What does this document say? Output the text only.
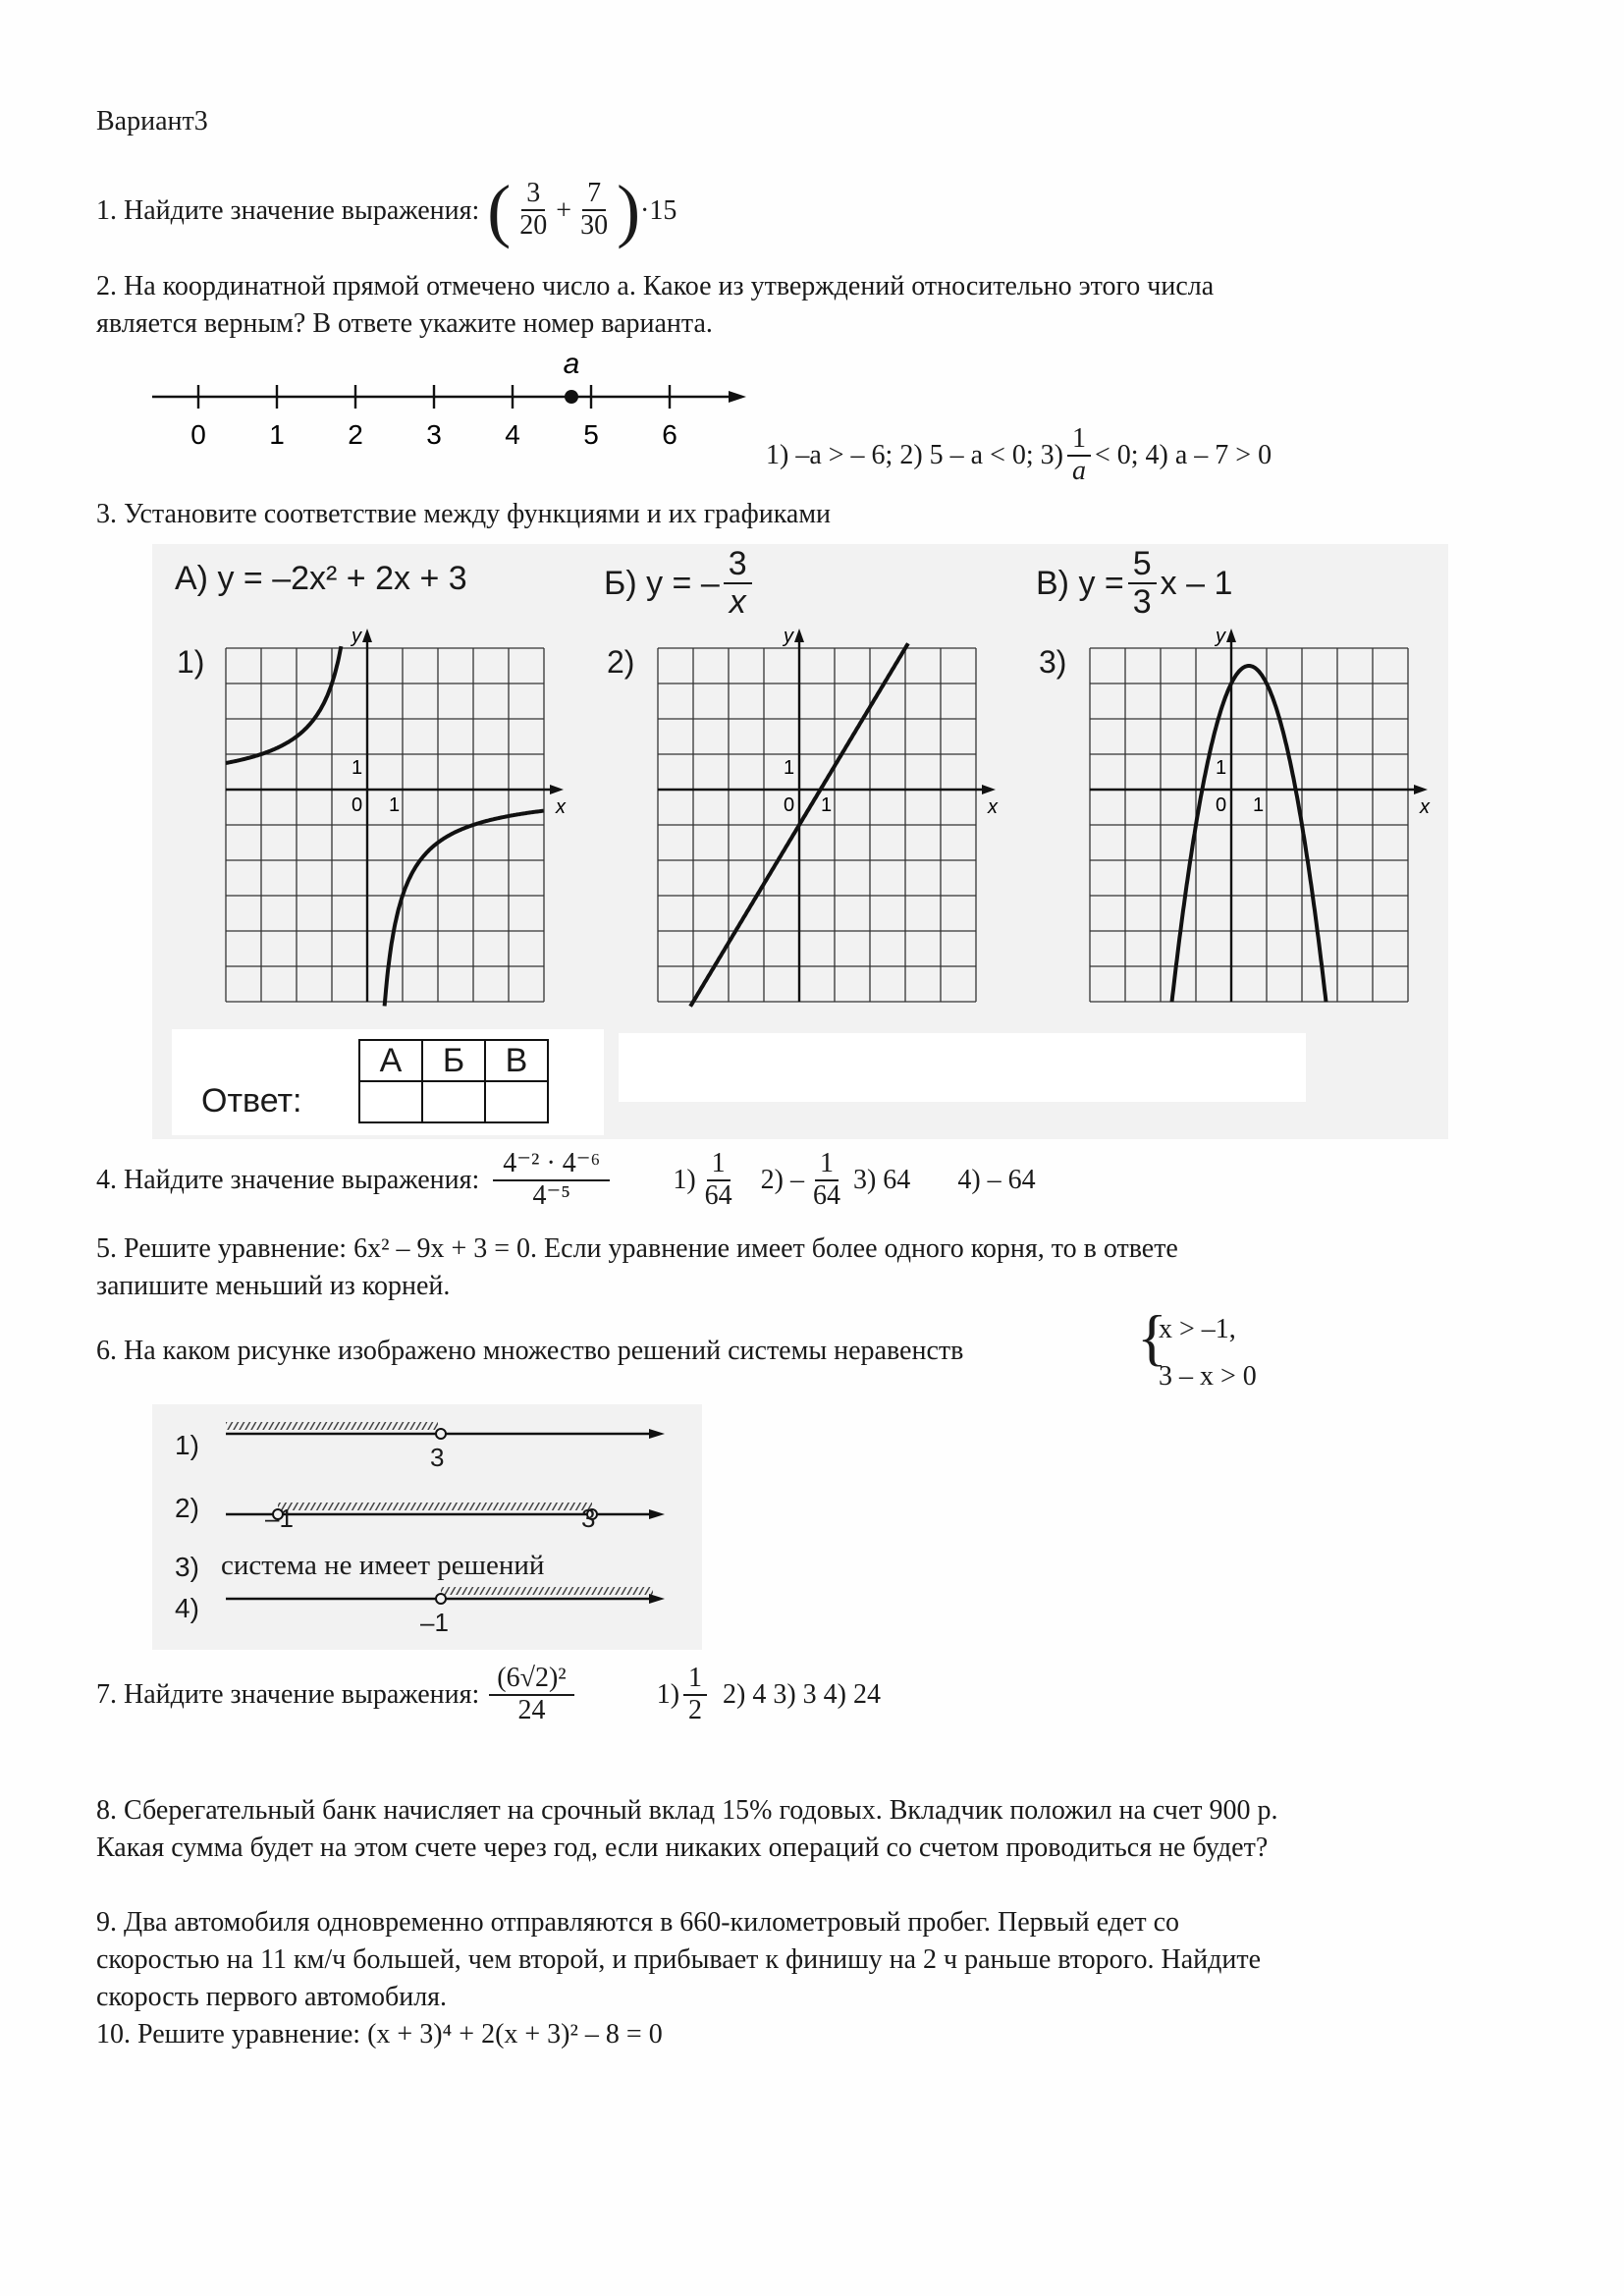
Вариант3
1. Найдите значение выражения: ( $\frac{3}{20} + \frac{7}{30}$ ) ·15
2. На координатной прямой отмечено число а. Какое из утверждений относительно этого числа
является верным? В ответе укажите номер варианта.
0 1 2 3 4 5 6
a
1) –a > – 6; 2) 5 – a < 0; $3) \frac{1}{a} < 0$; 4) a – 7 > 0
3. Установите соответствие между функциями и их графиками
А) y = –2x² + 2x + 3	Б) y = – $\frac{3}{x}$	В) $y = \frac{5}{3}$ x – 1
1)	2)	3)
y
x
0 1
1
y
x
0 1
1
y
x
0 1
1
Ответ:
А	Б	В

4. Найдите значение выражения: $\frac{\text{4⁻² · 4⁻⁶}}{\text{4⁻⁵}} 1) \frac{1}{64} 2) - \frac{1}{64} 3$) 64 4) – 64
5. Решите уравнение: 6x² – 9x + 3 = 0. Если уравнение имеет более одного корня, то в ответе
запишите меньший из корней.
6. На каком рисунке изображено множество решений системы неравенств	{
x > –1,
3 – x > 0
1)	3
2)	–1	3
3) система не имеет решений
4)	–1
7. Найдите значение выражения: $\frac{\text{(6√2)²}}{24}$	$1) \frac{1}{2} 2$) 4 3) 3 4) 24
8. Сберегательный банк начисляет на срочный вклад 15% годовых. Вкладчик положил на счет 900 р.
Какая сумма будет на этом счете через год, если никаких операций со счетом проводиться не будет?
9. Два автомобиля одновременно отправляются в 660-километровый пробег. Первый едет со
скоростью на 11 км/ч большей, чем второй, и прибывает к финишу на 2 ч раньше второго. Найдите
скорость первого автомобиля.
10. Решите уравнение: (x + 3)⁴ + 2(x + 3)² – 8 = 0
